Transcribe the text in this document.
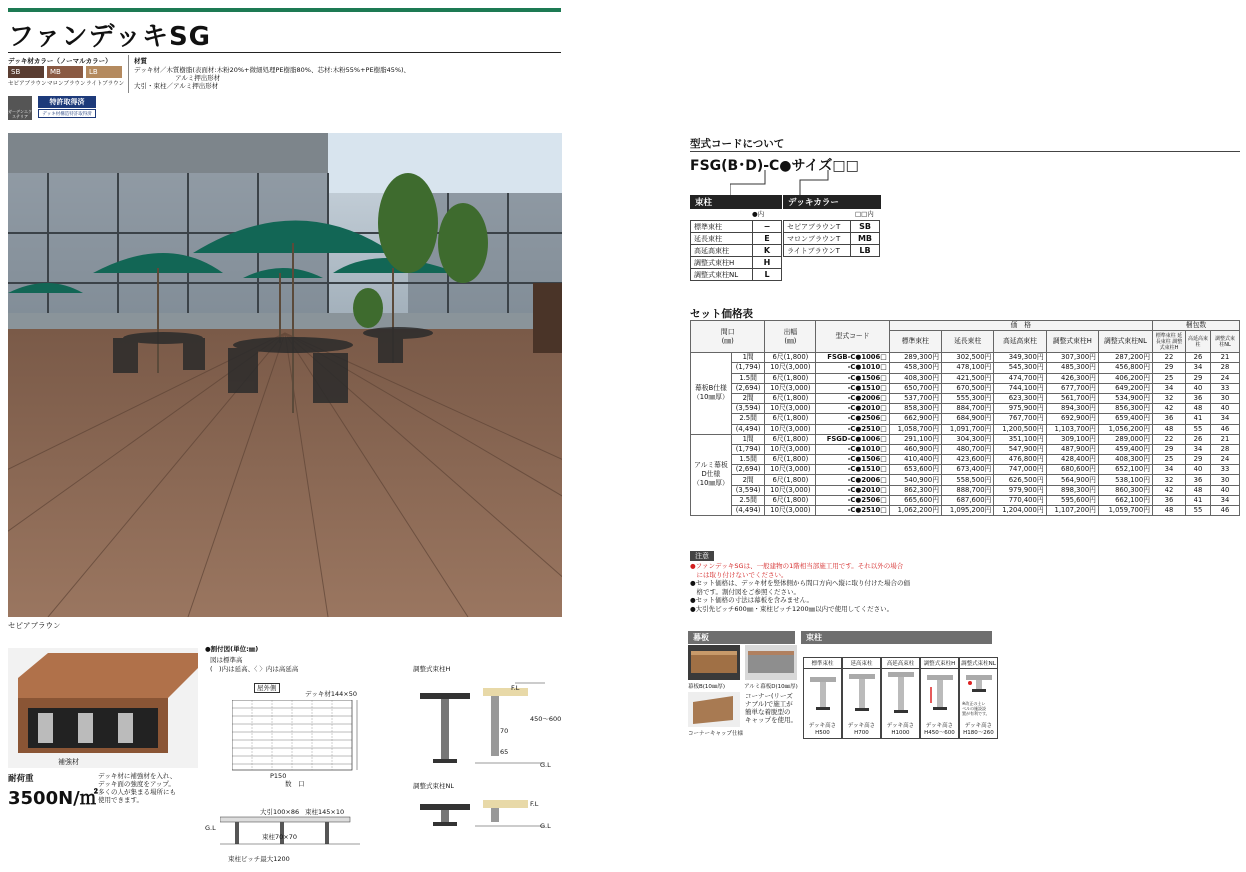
ファンデッキSG
デッキ材カラー（ノーマルカラー）
SB	MB	LB
セピアブラウン マロンブラウン ライトブラウン
材質
デッキ材／木質樹脂(表面材:木粉20%+微細処理PE樹脂80%、芯材:木粉55%+PE樹脂45%)、
アルミ押出形材
大引・束柱／アルミ押出形材
ガーデンエクステリア
特許取得済
デッキ材構造特許取得済
セピアブラウン
補強材
耐荷重
3500N/㎡
デッキ材に補強材を入れ、
デッキ面の強度をアップ。
多くの人が集まる場所にも
使用できます。
●割付図(単位:㎜)
図は標準高
(　)内は延高、〈 〉内は高延高
屋外側
デッキ材144×50
P150
数　口
大引100×86 束柱145×10
束柱70×70
束柱ピッチ最大1200
G.L
調整式束柱H
F.L
70
65
450〜600
G.L
調整式束柱NL
F.L
G.L
型式コードについて
FSG(B･D)-C●サイズ□□
束柱
●内
標準束柱	−
延長束柱	E
高延高束柱	K
調整式束柱H	H
調整式束柱NL	L
デッキカラー
□□内
セピアブラウンT	SB
マロンブラウンT	MB
ライトブラウンT	LB
セット価格表
間口
(㎜)		出幅
(㎜)	型式コード	価　格					梱包数		
				標準束柱	延長束柱	高延高束柱	調整式束柱H	調整式束柱NL	標準束柱 延長束柱 調整式束柱H	高延高束柱	調整式束柱NL

幕板B仕様
（10㎜厚）	1間	6尺(1,800)	FSGB-C●1006□	289,300円	302,500円	349,300円	307,300円	287,200円	22	26	21
	(1,794)	10尺(3,000)	-C●1010□	458,300円	478,100円	545,300円	485,300円	456,800円	29	34	28
	1.5間	6尺(1,800)	-C●1506□	408,300円	421,500円	474,700円	426,300円	406,200円	25	29	24
	(2,694)	10尺(3,000)	-C●1510□	650,700円	670,500円	744,100円	677,700円	649,200円	34	40	33
	2間	6尺(1,800)	-C●2006□	537,700円	555,300円	623,300円	561,700円	534,900円	32	36	30
	(3,594)	10尺(3,000)	-C●2010□	858,300円	884,700円	975,900円	894,300円	856,300円	42	48	40
	2.5間	6尺(1,800)	-C●2506□	662,900円	684,900円	767,700円	692,900円	659,400円	36	41	34
	(4,494)	10尺(3,000)	-C●2510□	1,058,700円	1,091,700円	1,200,500円	1,103,700円	1,056,200円	48	55	46

アルミ幕板
D仕様
（10㎜厚）	1間	6尺(1,800)	FSGD-C●1006□	291,100円	304,300円	351,100円	309,100円	289,000円	22	26	21
	(1,794)	10尺(3,000)	-C●1010□	460,900円	480,700円	547,900円	487,900円	459,400円	29	34	28
	1.5間	6尺(1,800)	-C●1506□	410,400円	423,600円	476,800円	428,400円	408,300円	25	29	24
	(2,694)	10尺(3,000)	-C●1510□	653,600円	673,400円	747,000円	680,600円	652,100円	34	40	33
	2間	6尺(1,800)	-C●2006□	540,900円	558,500円	626,500円	564,900円	538,100円	32	36	30
	(3,594)	10尺(3,000)	-C●2010□	862,300円	888,700円	979,900円	898,300円	860,300円	42	48	40
	2.5間	6尺(1,800)	-C●2506□	665,600円	687,600円	770,400円	595,600円	662,100円	36	41	34
	(4,494)	10尺(3,000)	-C●2510□	1,062,200円	1,095,200円	1,204,000円	1,107,200円	1,059,700円	48	55	46
注意
●ファンデッキSGは、一般建物の1階相当部施工用です。それ以外の場合
　には取り付けないでください。
●セット価格は、デッキ材を竪体側から間口方向へ縦に取り付けた場合の価
　格です。割付図をご参照ください。
●セット価格の寸法は幕板を含みません。
●大引先ピッチ600㎜・束柱ピッチ1200㎜以内で使用してください。
幕板
幕板B(10㎜厚)	アルミ幕板D(10㎜厚)
コーナーキャップ仕様
コーナー(リーズ
ナブル)で施工が
簡単な着脱型の
キャップを使用。
束柱
標準束柱
デッキ高さ H500
延高束柱
デッキ高さ H700
高延高束柱
デッキ高さ H1000
調整式束柱H
デッキ高さ H450〜600
調整式束柱NL
※改正の土レ
ベルの施設設
置が有利です。
デッキ高さ H180〜260
